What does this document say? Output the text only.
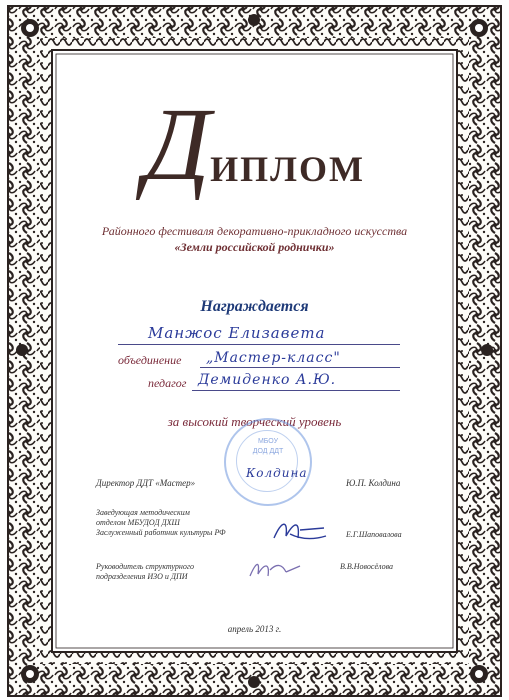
ДИПЛОМ
Районного фестиваля декоративно-прикладного искусства
«Земли российской роднички»
Награждается
Манжос Елизавета
объединение „Мастер-класс"
педагог Демиденко А.Ю.
за высокий творческий уровень
МБОУ
ДОД ДДТ
Директор ДДТ «Мастер»
Колдина
Ю.П. Колдина
Заведующая методическим
отделом МБУДОД ДХШ
Заслуженный работник культуры РФ	Е.Г.Шаповалова
Руководитель структурного
подразделения ИЗО и ДПИ
В.В.Новосёлова
апрель 2013 г.
